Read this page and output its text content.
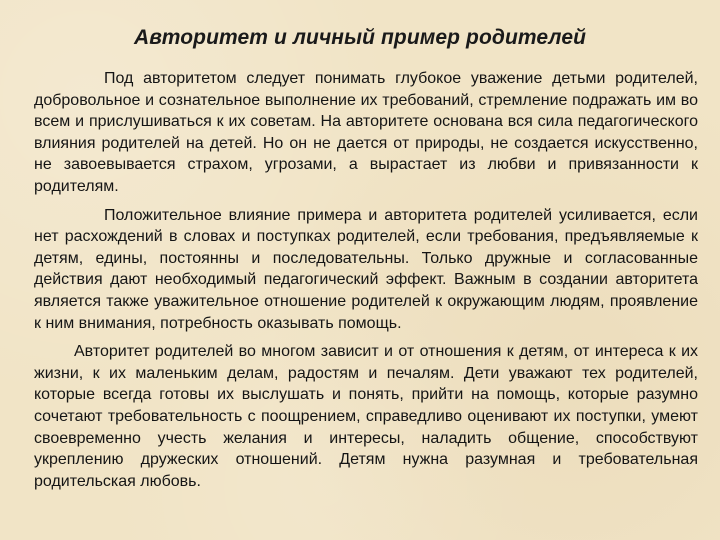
Авторитет и личный пример родителей

Под авторитетом следует понимать глубокое уважение детьми родителей, добровольное и сознательное выполнение их требований, стремление подражать им во всем и прислушиваться к их советам. На авторитете основана вся сила педагогического влияния родителей на детей. Но он не дается от природы, не создается искусственно, не завоевывается страхом, угрозами, а вырастает из любви и привязанности к родителям.

Положительное влияние примера и авторитета родителей усиливается, если нет расхождений в словах и поступках родителей, если требования, предъявляемые к детям, едины, постоянны и последовательны. Только дружные и согласованные действия дают необходимый педагогический эффект. Важным в создании авторитета является также уважительное отношение родителей к окружающим людям, проявление к ним внимания, потребность оказывать помощь.

Авторитет родителей во многом зависит и от отношения к детям, от интереса к их жизни, к их маленьким делам, радостям и печалям. Дети уважают тех родителей, которые всегда готовы их выслушать и понять, прийти на помощь, которые разумно сочетают требовательность с поощрением, справедливо оценивают их поступки, умеют своевременно учесть желания и интересы, наладить общение, способствуют укреплению дружеских отношений. Детям нужна разумная и требовательная родительская любовь.
